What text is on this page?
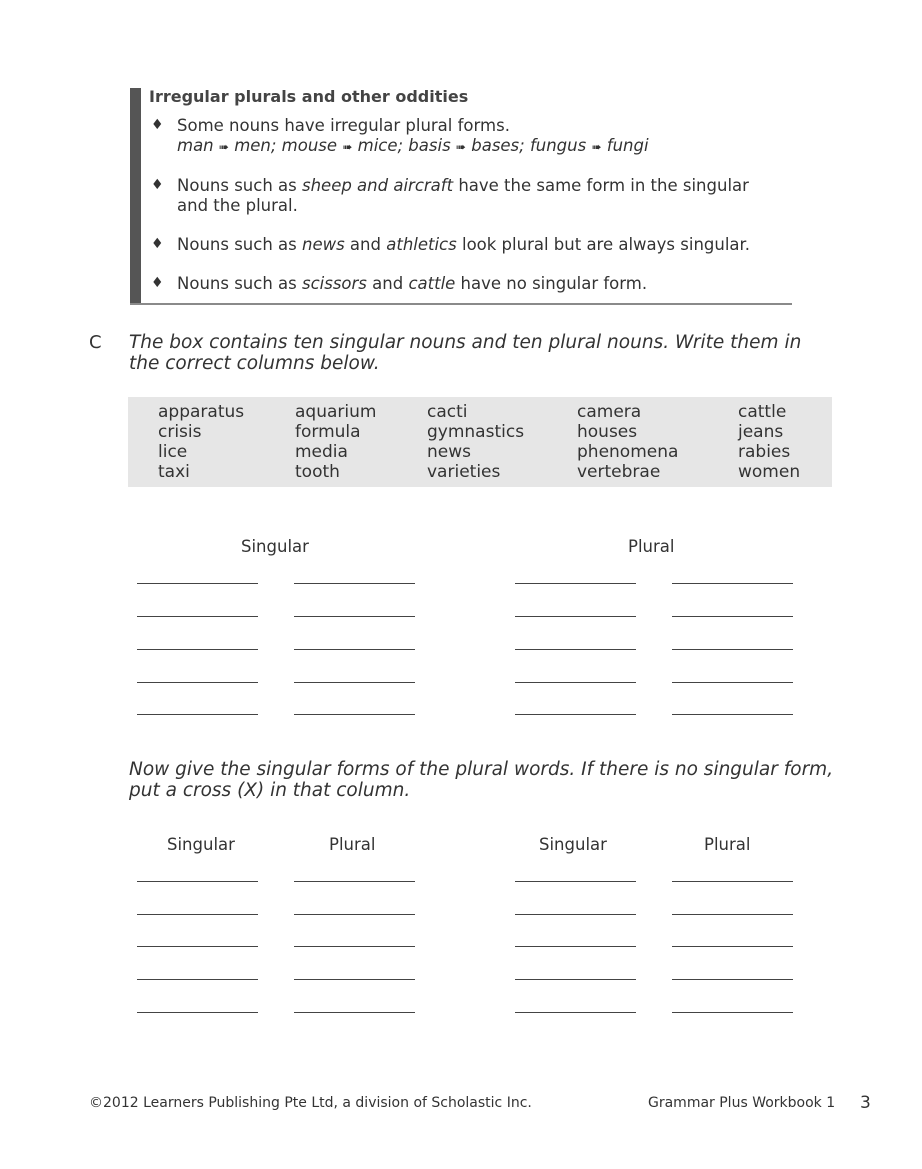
Irregular plurals and other oddities
♦ Some nouns have irregular plural forms.
man ➠ men; mouse ➠ mice; basis ➠ bases; fungus ➠ fungi
♦ Nouns such as sheep and aircraft have the same form in the singular
and the plural.
♦ Nouns such as news and athletics look plural but are always singular.
♦ Nouns such as scissors and cattle have no singular form.
C The box contains ten singular nouns and ten plural nouns. Write them in
the correct columns below.
apparatus	aquarium	cacti	camera	cattle
crisis	formula	gymnastics	houses	jeans
lice	media	news	phenomena	rabies
taxi	tooth	varieties	vertebrae	women
Singular	Plural
Now give the singular forms of the plural words. If there is no singular form,
put a cross (X) in that column.
Singular	Plural	Singular	Plural
©2012 Learners Publishing Pte Ltd, a division of Scholastic Inc.	Grammar Plus Workbook 1 3
